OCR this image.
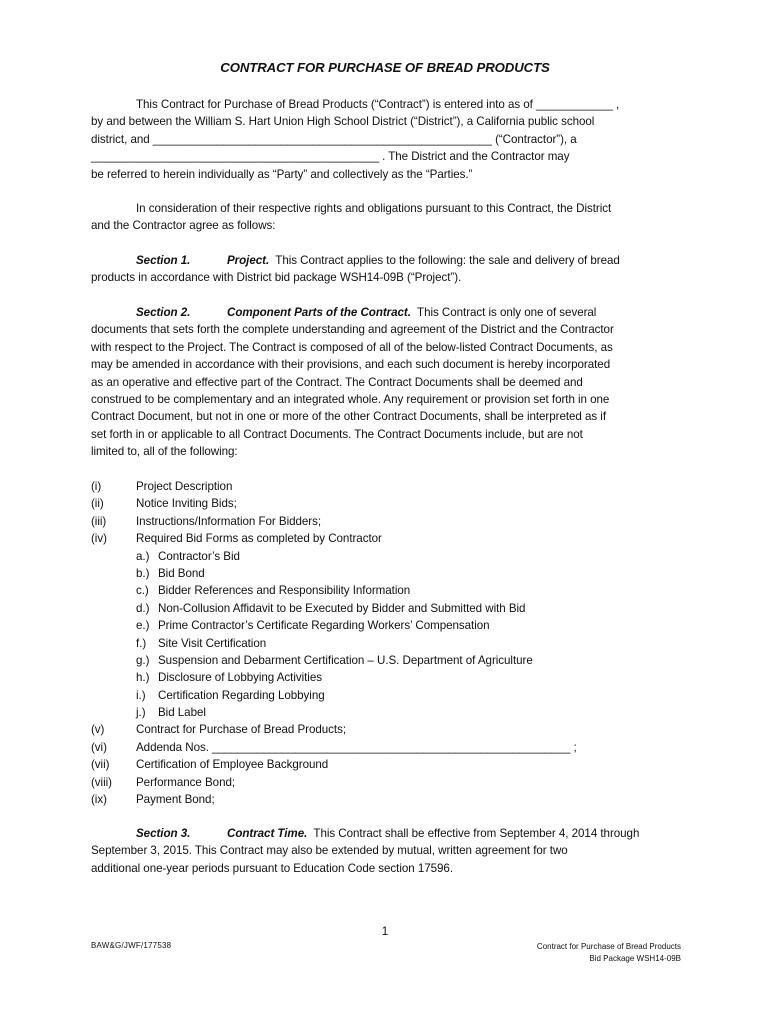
CONTRACT FOR PURCHASE OF BREAD PRODUCTS
This Contract for Purchase of Bread Products (“Contract”) is entered into as of ____________ ,
by and between the William S. Hart Union High School District (“District”), a California public school
district, and _____________________________________________________ (“Contractor”), a
_____________________________________________ . The District and the Contractor may
be referred to herein individually as “Party” and collectively as the “Parties.”
In consideration of their respective rights and obligations pursuant to this Contract, the District
and the Contractor agree as follows:
Section 1.	Project. This Contract applies to the following: the sale and delivery of bread
products in accordance with District bid package WSH14-09B (“Project”).
Section 2.	Component Parts of the Contract. This Contract is only one of several
documents that sets forth the complete understanding and agreement of the District and the Contractor
with respect to the Project. The Contract is composed of all of the below-listed Contract Documents, as
may be amended in accordance with their provisions, and each such document is hereby incorporated
as an operative and effective part of the Contract. The Contract Documents shall be deemed and
construed to be complementary and an integrated whole. Any requirement or provision set forth in one
Contract Document, but not in one or more of the other Contract Documents, shall be interpreted as if
set forth in or applicable to all Contract Documents. The Contract Documents include, but are not
limited to, all of the following:
(i)	Project Description
(ii)	Notice Inviting Bids;
(iii)	Instructions/Information For Bidders;
(iv)	Required Bid Forms as completed by Contractor
a.) Contractor’s Bid
b.) Bid Bond
c.) Bidder References and Responsibility Information
d.) Non-Collusion Affidavit to be Executed by Bidder and Submitted with Bid
e.) Prime Contractor’s Certificate Regarding Workers’ Compensation
f.) Site Visit Certification
g.) Suspension and Debarment Certification – U.S. Department of Agriculture
h.) Disclosure of Lobbying Activities
i.) Certification Regarding Lobbying
j.) Bid Label
(v)	Contract for Purchase of Bread Products;
(vi)	Addenda Nos. ________________________________________________________ ;
(vii) Certification of Employee Background
(viii) Performance Bond;
(ix)	Payment Bond;
Section 3.	Contract Time. This Contract shall be effective from September 4, 2014 through
September 3, 2015. This Contract may also be extended by mutual, written agreement for two
additional one-year periods pursuant to Education Code section 17596.
1
BAW&G/JWF/177538	Contract for Purchase of Bread Products
Bid Package WSH14-09B
